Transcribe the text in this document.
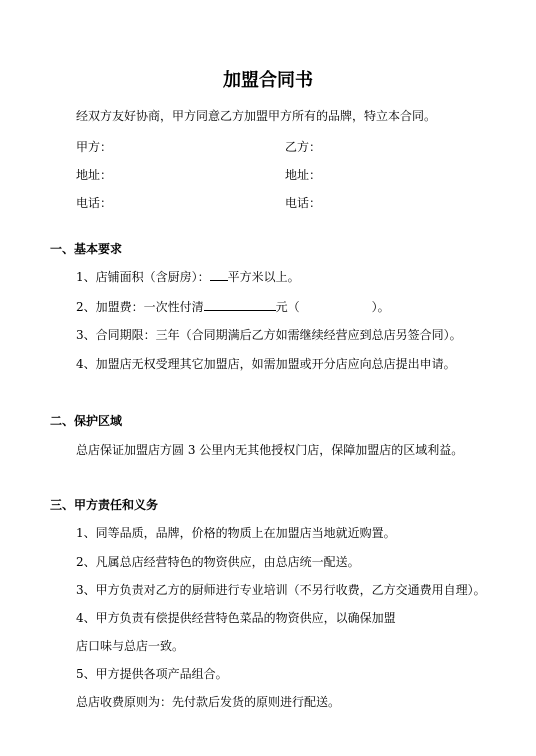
加盟合同书
经双方友好协商，甲方同意乙方加盟甲方所有的品牌，特立本合同。
甲方：	乙方：
地址：	地址：
电话：	电话：
一、基本要求
1、店铺面积（含厨房）： 平方米以上。
2、加盟费：一次性付清	元（	）。
3、合同期限：三年（合同期满后乙方如需继续经营应到总店另签合同）。
4、加盟店无权受理其它加盟店，如需加盟或开分店应向总店提出申请。
二、保护区域
总店保证加盟店方圆 3 公里内无其他授权门店，保障加盟店的区域利益。
三、甲方责任和义务
1、同等品质，品牌，价格的物质上在加盟店当地就近购置。
2、凡属总店经营特色的物资供应，由总店统一配送。
3、甲方负责对乙方的厨师进行专业培训（不另行收费，乙方交通费用自理）。
4、甲方负责有偿提供经营特色菜品的物资供应，以确保加盟
店口味与总店一致。
5、甲方提供各项产品组合。
总店收费原则为：先付款后发货的原则进行配送。
